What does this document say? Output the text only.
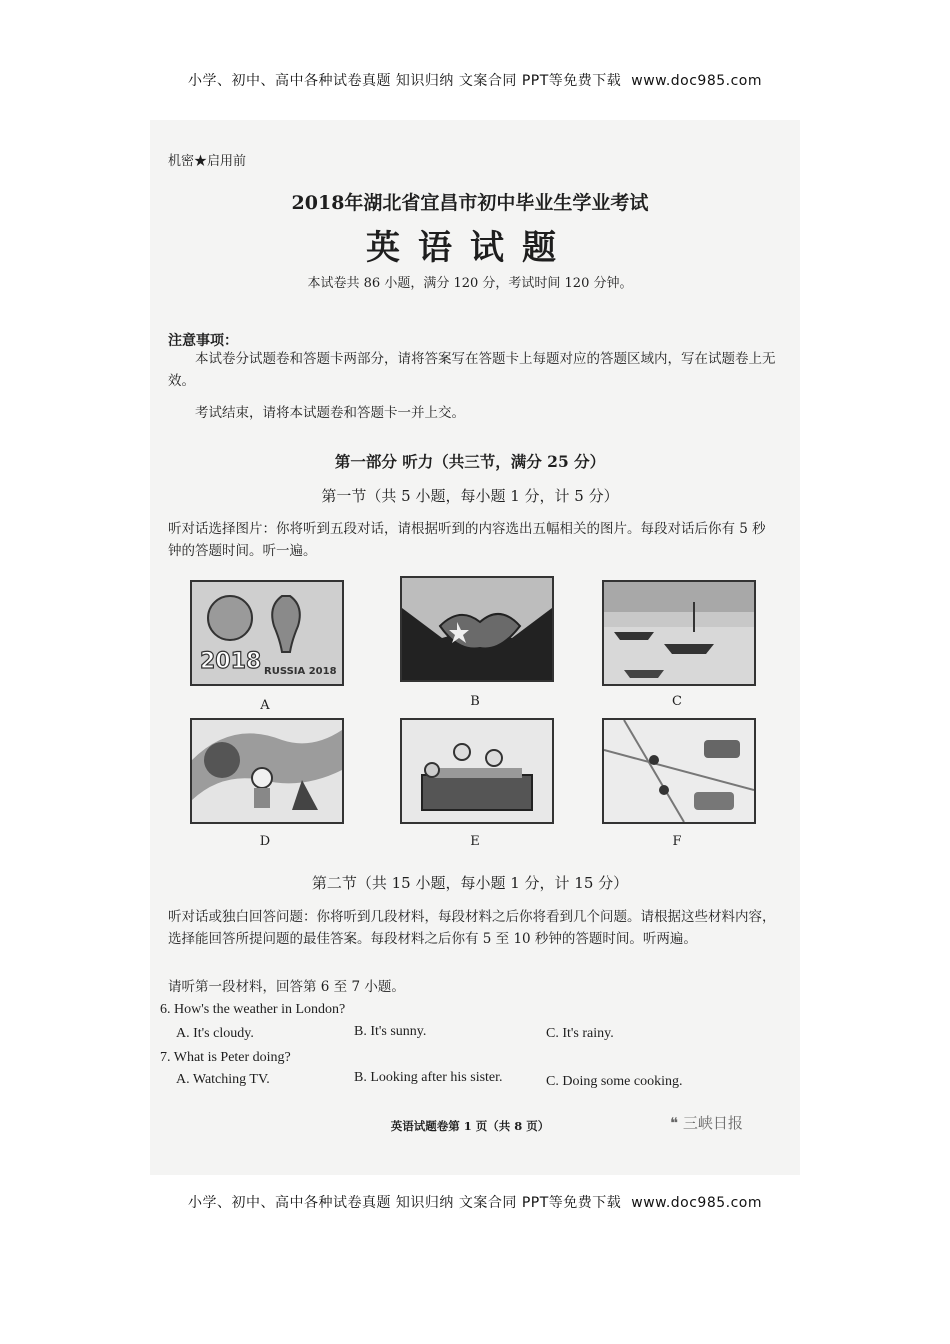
小学、初中、高中各种试卷真题 知识归纳 文案合同 PPT等免费下载 www.doc985.com
机密★启用前
2018年湖北省宜昌市初中毕业生学业考试
英语试题
本试卷共 86 小题，满分 120 分，考试时间 120 分钟。
注意事项：
本试卷分试题卷和答题卡两部分，请将答案写在答题卡上每题对应的答题区域内，写在试题卷上无效。
考试结束，请将本试题卷和答题卡一并上交。
第一部分 听力（共三节，满分 25 分）
第一节（共 5 小题，每小题 1 分，计 5 分）
听对话选择图片：你将听到五段对话，请根据听到的内容选出五幅相关的图片。每段对话后你有 5 秒钟的答题时间。听一遍。
2018 RUSSIA 2018
A	B	C
D	E	F
第二节（共 15 小题，每小题 1 分，计 15 分）
听对话或独白回答问题：你将听到几段材料，每段材料之后你将看到几个问题。请根据这些材料内容，选择能回答所提问题的最佳答案。每段材料之后你有 5 至 10 秒钟的答题时间。听两遍。
请听第一段材料，回答第 6 至 7 小题。
6. How's the weather in London?
A. It's cloudy.	B. It's sunny.	C. It's rainy.
7. What is Peter doing?
A. Watching TV.	B. Looking after his sister.	C. Doing some cooking.
英语试题卷第 1 页（共 8 页）	❝ 三峡日报
小学、初中、高中各种试卷真题 知识归纳 文案合同 PPT等免费下载 www.doc985.com
